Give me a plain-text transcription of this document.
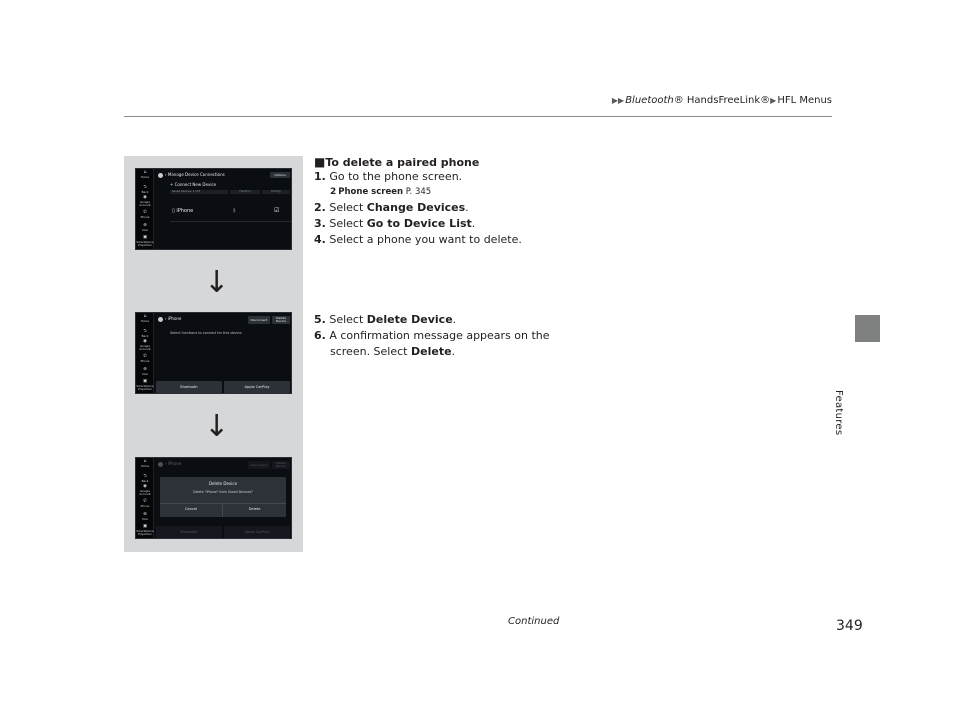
▶▶Bluetooth® HandsFreeLink®▶HFL Menus
Features
⌂
Home
⮌
Back
◉
Google Account
✆
Phone
⊕
Dial
▣
Smartphone Projection
› Manage Device Connections	Options
+ Connect New Device
Saved Devices: 1 of 6	Function	Priority
▯ iPhone	ᛒ	☑
↓
⌂
Home
⮌
Back
◉
Google Account
✆
Phone
⊕
Dial
▣
Smartphone Projection
› iPhone	Disconnect	Delete Device
Select functions to connect for this device.
Bluetooth	Apple CarPlay
↓
⌂
Home
⮌
Back
◉
Google Account
✆
Phone
⊕
Dial
▣
Smartphone Projection
› iPhone	Disconnect	Delete Device
Bluetooth	Apple CarPlay
Delete Device
Delete "iPhone" from Saved Devices?
Cancel	Delete
■To delete a paired phone
1. Go to the phone screen.
2 Phone screen P. 345
2. Select Change Devices.
3. Select Go to Device List.
4. Select a phone you want to delete.
5. Select Delete Device.
6. A confirmation message appears on the
screen. Select Delete.
Continued	349
